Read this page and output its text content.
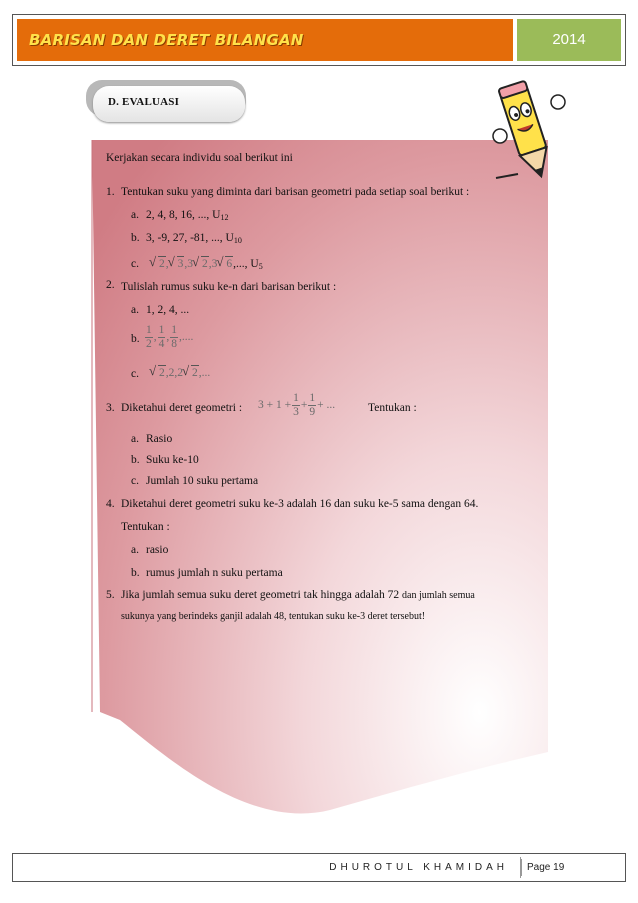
BARISAN DAN DERET BILANGAN	2014
D. EVALUASI
Kerjakan secara individu soal berikut ini
1. Tentukan suku yang diminta dari barisan geometri pada setiap soal berikut :
a. 2, 4, 8, 16, ..., $U_{12}$
b. 3, -9, 27, -81, ..., $U_{10}$
c.	√ 2, √ 3,3 √ 2,3 √ 6,..., $U_5$
2. Tulislah rumus suku ke-n dari barisan berikut :
a. 1, 2, 4, ...
b. $\frac{1}{2}$ , $\frac{1}{4}$ , $\frac{1}{8}$ ,....
c.	√ 2,2,2 √ 2,...
3. Diketahui deret geometri : $3 + 1 + \frac{1}{3} + \frac{1}{9}$ + ...	Tentukan :
a. Rasio
b. Suku ke-10
c. Jumlah 10 suku pertama
4. Diketahui deret geometri suku ke-3 adalah 16 dan suku ke-5 sama dengan 64.
Tentukan :
a. rasio
b. rumus jumlah n suku pertama
5. Jika jumlah semua suku deret geometri tak hingga adalah 72 dan jumlah semua
sukunya yang berindeks ganjil adalah 48, tentukan suku ke-3 deret tersebut!
DHUROTUL KHAMIDAH	Page 19
